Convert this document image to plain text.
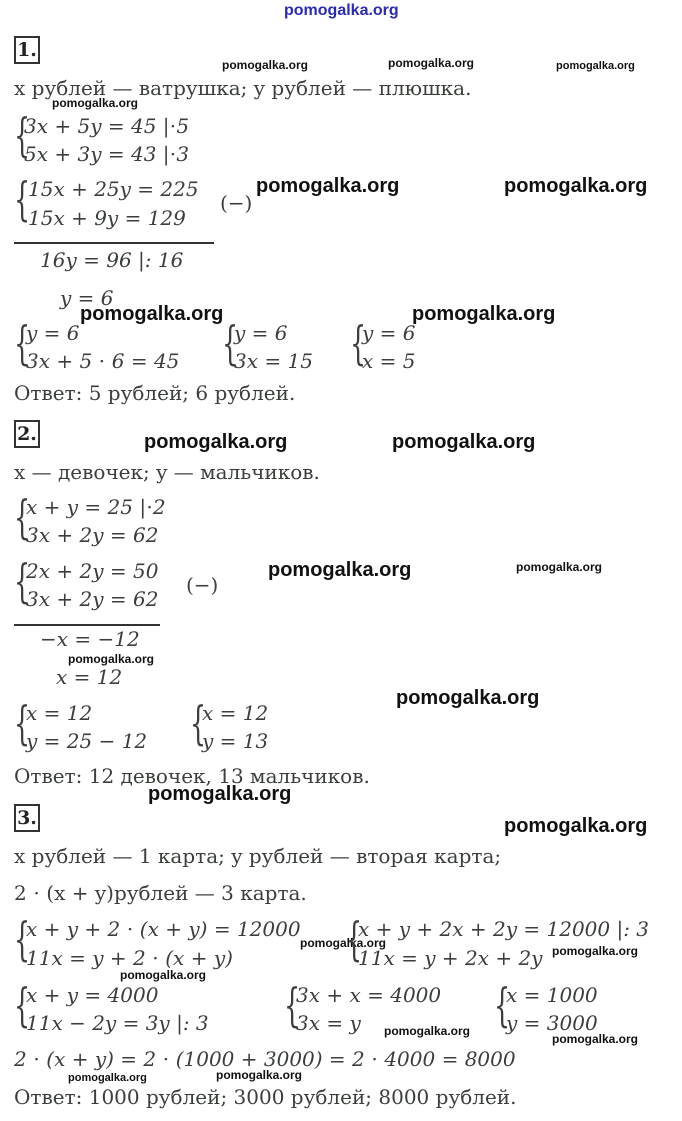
pomogalka.org
pomogalka.org	pomogalka.org	pomogalka.org
pomogalka.org
pomogalka.org	pomogalka.org
pomogalka.org	pomogalka.org
pomogalka.org	pomogalka.org
pomogalka.org	pomogalka.org
pomogalka.org
pomogalka.org
pomogalka.org
pomogalka.org
pomogalka.org
pomogalka.org
pomogalka.org
pomogalka.org
pomogalka.org
pomogalka.org	pomogalka.org
1.
x рублей — ватрушка; y рублей — плюшка.
{
3x + 5y = 45 |⋅5
5x + 3y = 43 |⋅3
{
15x + 25y = 225
15x + 9y = 129
(−)
16y = 96 |: 16
y = 6
{
y = 6
3x + 5 ⋅ 6 = 45 {
y = 6
3x = 15 {
y = 6
x = 5
Ответ: 5 рублей; 6 рублей.
2.
x — девочек; y — мальчиков.
{
x + y = 25 |⋅2
3x + 2y = 62
{
2x + 2y = 50
3x + 2y = 62
(−)
−x = −12
x = 12
{
x = 12
y = 25 − 12 {
x = 12
y = 13
Ответ: 12 девочек, 13 мальчиков.
3.
x рублей — 1 карта; y рублей — вторая карта;
2 ⋅ (x + y)рублей — 3 карта.
{
x + y + 2 ⋅ (x + y) = 12000
11x = y + 2 ⋅ (x + y) {
x + y + 2x + 2y = 12000 |: 3
11x = y + 2x + 2y
{
x + y = 4000
11x − 2y = 3y |: 3 {
3x + x = 4000
3x = y	{
x = 1000
y = 3000
2 ⋅ (x + y) = 2 ⋅ (1000 + 3000) = 2 ⋅ 4000 = 8000
Ответ: 1000 рублей; 3000 рублей; 8000 рублей.
